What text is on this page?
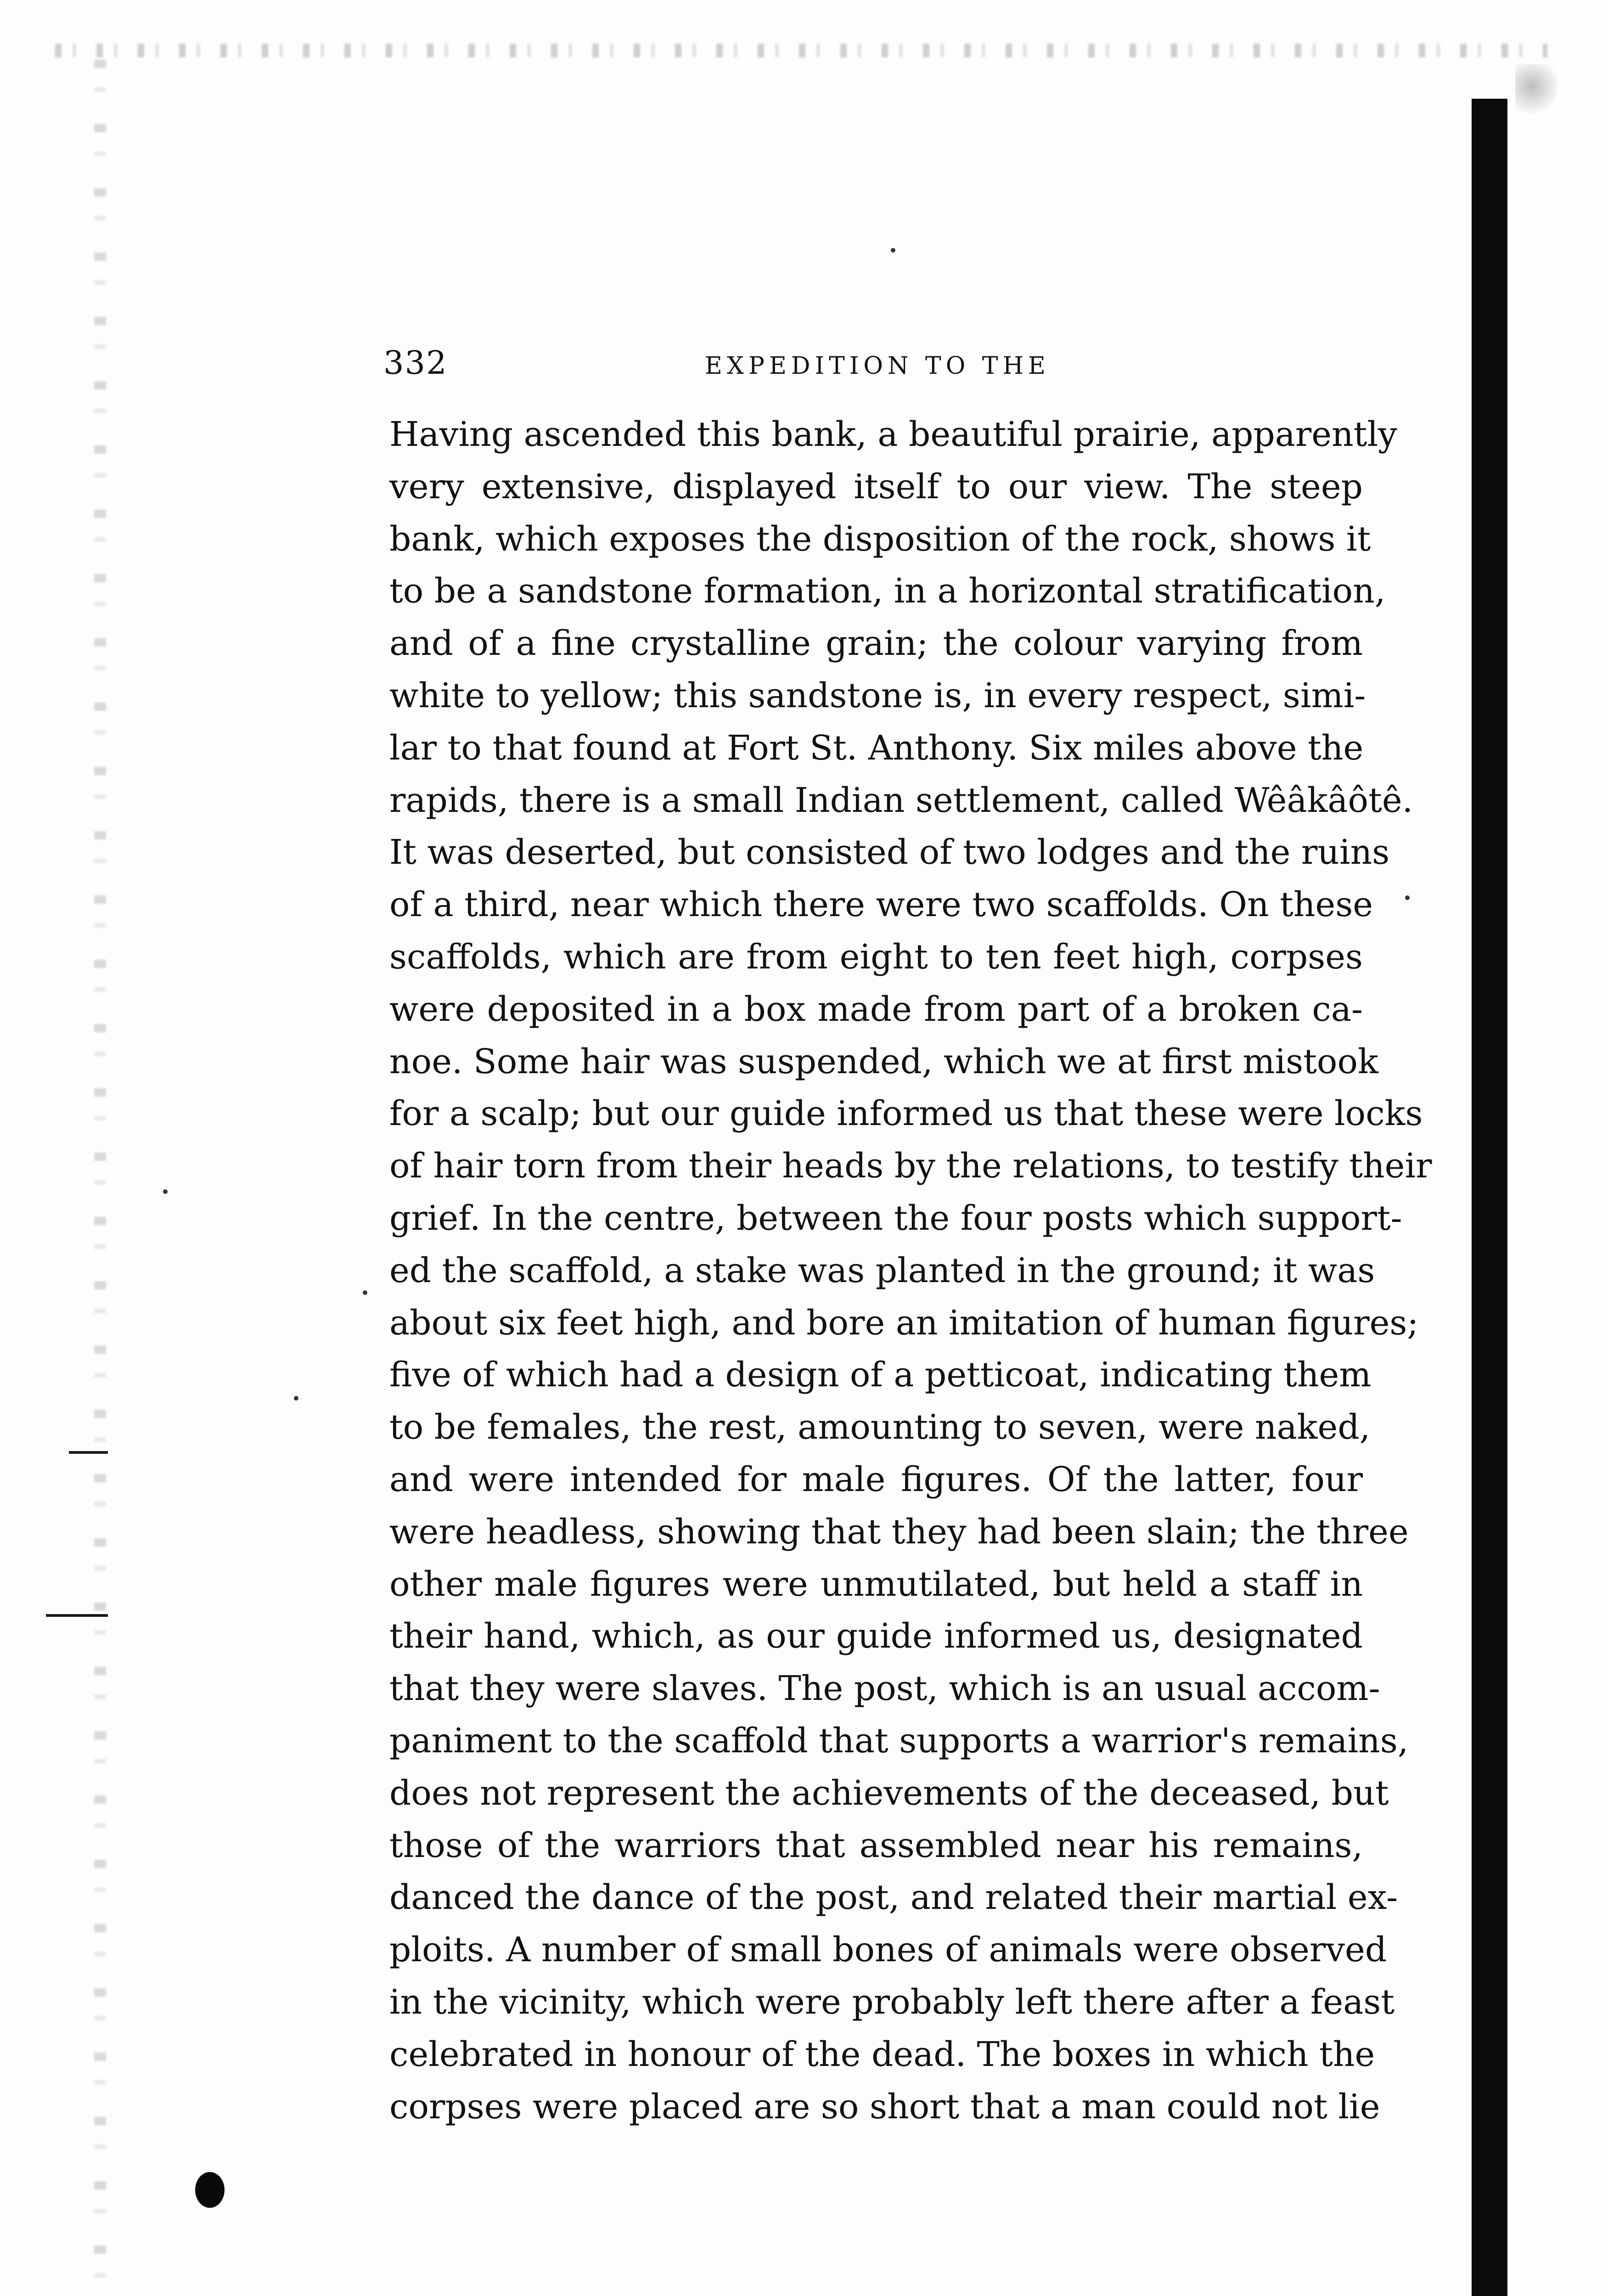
332	EXPEDITION TO THE
Having ascended this bank, a beautiful prairie, apparently
very extensive, displayed itself to our view. The steep
bank, which exposes the disposition of the rock, shows it
to be a sandstone formation, in a horizontal stratification,
and of a fine crystalline grain; the colour varying from
white to yellow; this sandstone is, in every respect, simi-
lar to that found at Fort St. Anthony. Six miles above the
rapids, there is a small Indian settlement, called Wêâkâôtê.
It was deserted, but consisted of two lodges and the ruins
of a third, near which there were two scaffolds. On these
scaffolds, which are from eight to ten feet high, corpses
were deposited in a box made from part of a broken ca-
noe. Some hair was suspended, which we at first mistook
for a scalp; but our guide informed us that these were locks
of hair torn from their heads by the relations, to testify their
grief. In the centre, between the four posts which support-
ed the scaffold, a stake was planted in the ground; it was
about six feet high, and bore an imitation of human figures;
five of which had a design of a petticoat, indicating them
to be females, the rest, amounting to seven, were naked,
and were intended for male figures. Of the latter, four
were headless, showing that they had been slain; the three
other male figures were unmutilated, but held a staff in
their hand, which, as our guide informed us, designated
that they were slaves. The post, which is an usual accom-
paniment to the scaffold that supports a warrior's remains,
does not represent the achievements of the deceased, but
those of the warriors that assembled near his remains,
danced the dance of the post, and related their martial ex-
ploits. A number of small bones of animals were observed
in the vicinity, which were probably left there after a feast
celebrated in honour of the dead. The boxes in which the
corpses were placed are so short that a man could not lie
